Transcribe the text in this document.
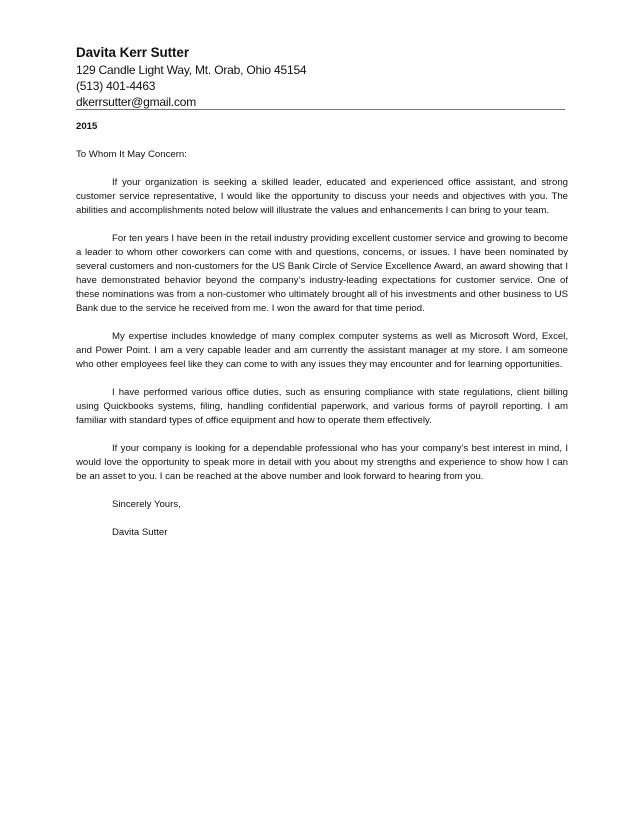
Davita Kerr Sutter
129 Candle Light Way, Mt. Orab, Ohio 45154
(513) 401-4463
dkerrsutter@gmail.com

2015

To Whom It May Concern:

If your organization is seeking a skilled leader, educated and experienced office assistant, and strong customer service representative, I would like the opportunity to discuss your needs and objectives with you. The abilities and accomplishments noted below will illustrate the values and enhancements I can bring to your team.

For ten years I have been in the retail industry providing excellent customer service and growing to become a leader to whom other coworkers can come with and questions, concerns, or issues. I have been nominated by several customers and non-customers for the US Bank Circle of Service Excellence Award, an award showing that I have demonstrated behavior beyond the company’s industry-leading expectations for customer service. One of these nominations was from a non-customer who ultimately brought all of his investments and other business to US Bank due to the service he received from me. I won the award for that time period.

My expertise includes knowledge of many complex computer systems as well as Microsoft Word, Excel, and Power Point. I am a very capable leader and am currently the assistant manager at my store. I am someone who other employees feel like they can come to with any issues they may encounter and for learning opportunities.

I have performed various office duties, such as ensuring compliance with state regulations, client billing using Quickbooks systems, filing, handling confidential paperwork, and various forms of payroll reporting. I am familiar with standard types of office equipment and how to operate them effectively.

If your company is looking for a dependable professional who has your company’s best interest in mind, I would love the opportunity to speak more in detail with you about my strengths and experience to show how I can be an asset to you. I can be reached at the above number and look forward to hearing from you.

Sincerely Yours,

Davita Sutter
